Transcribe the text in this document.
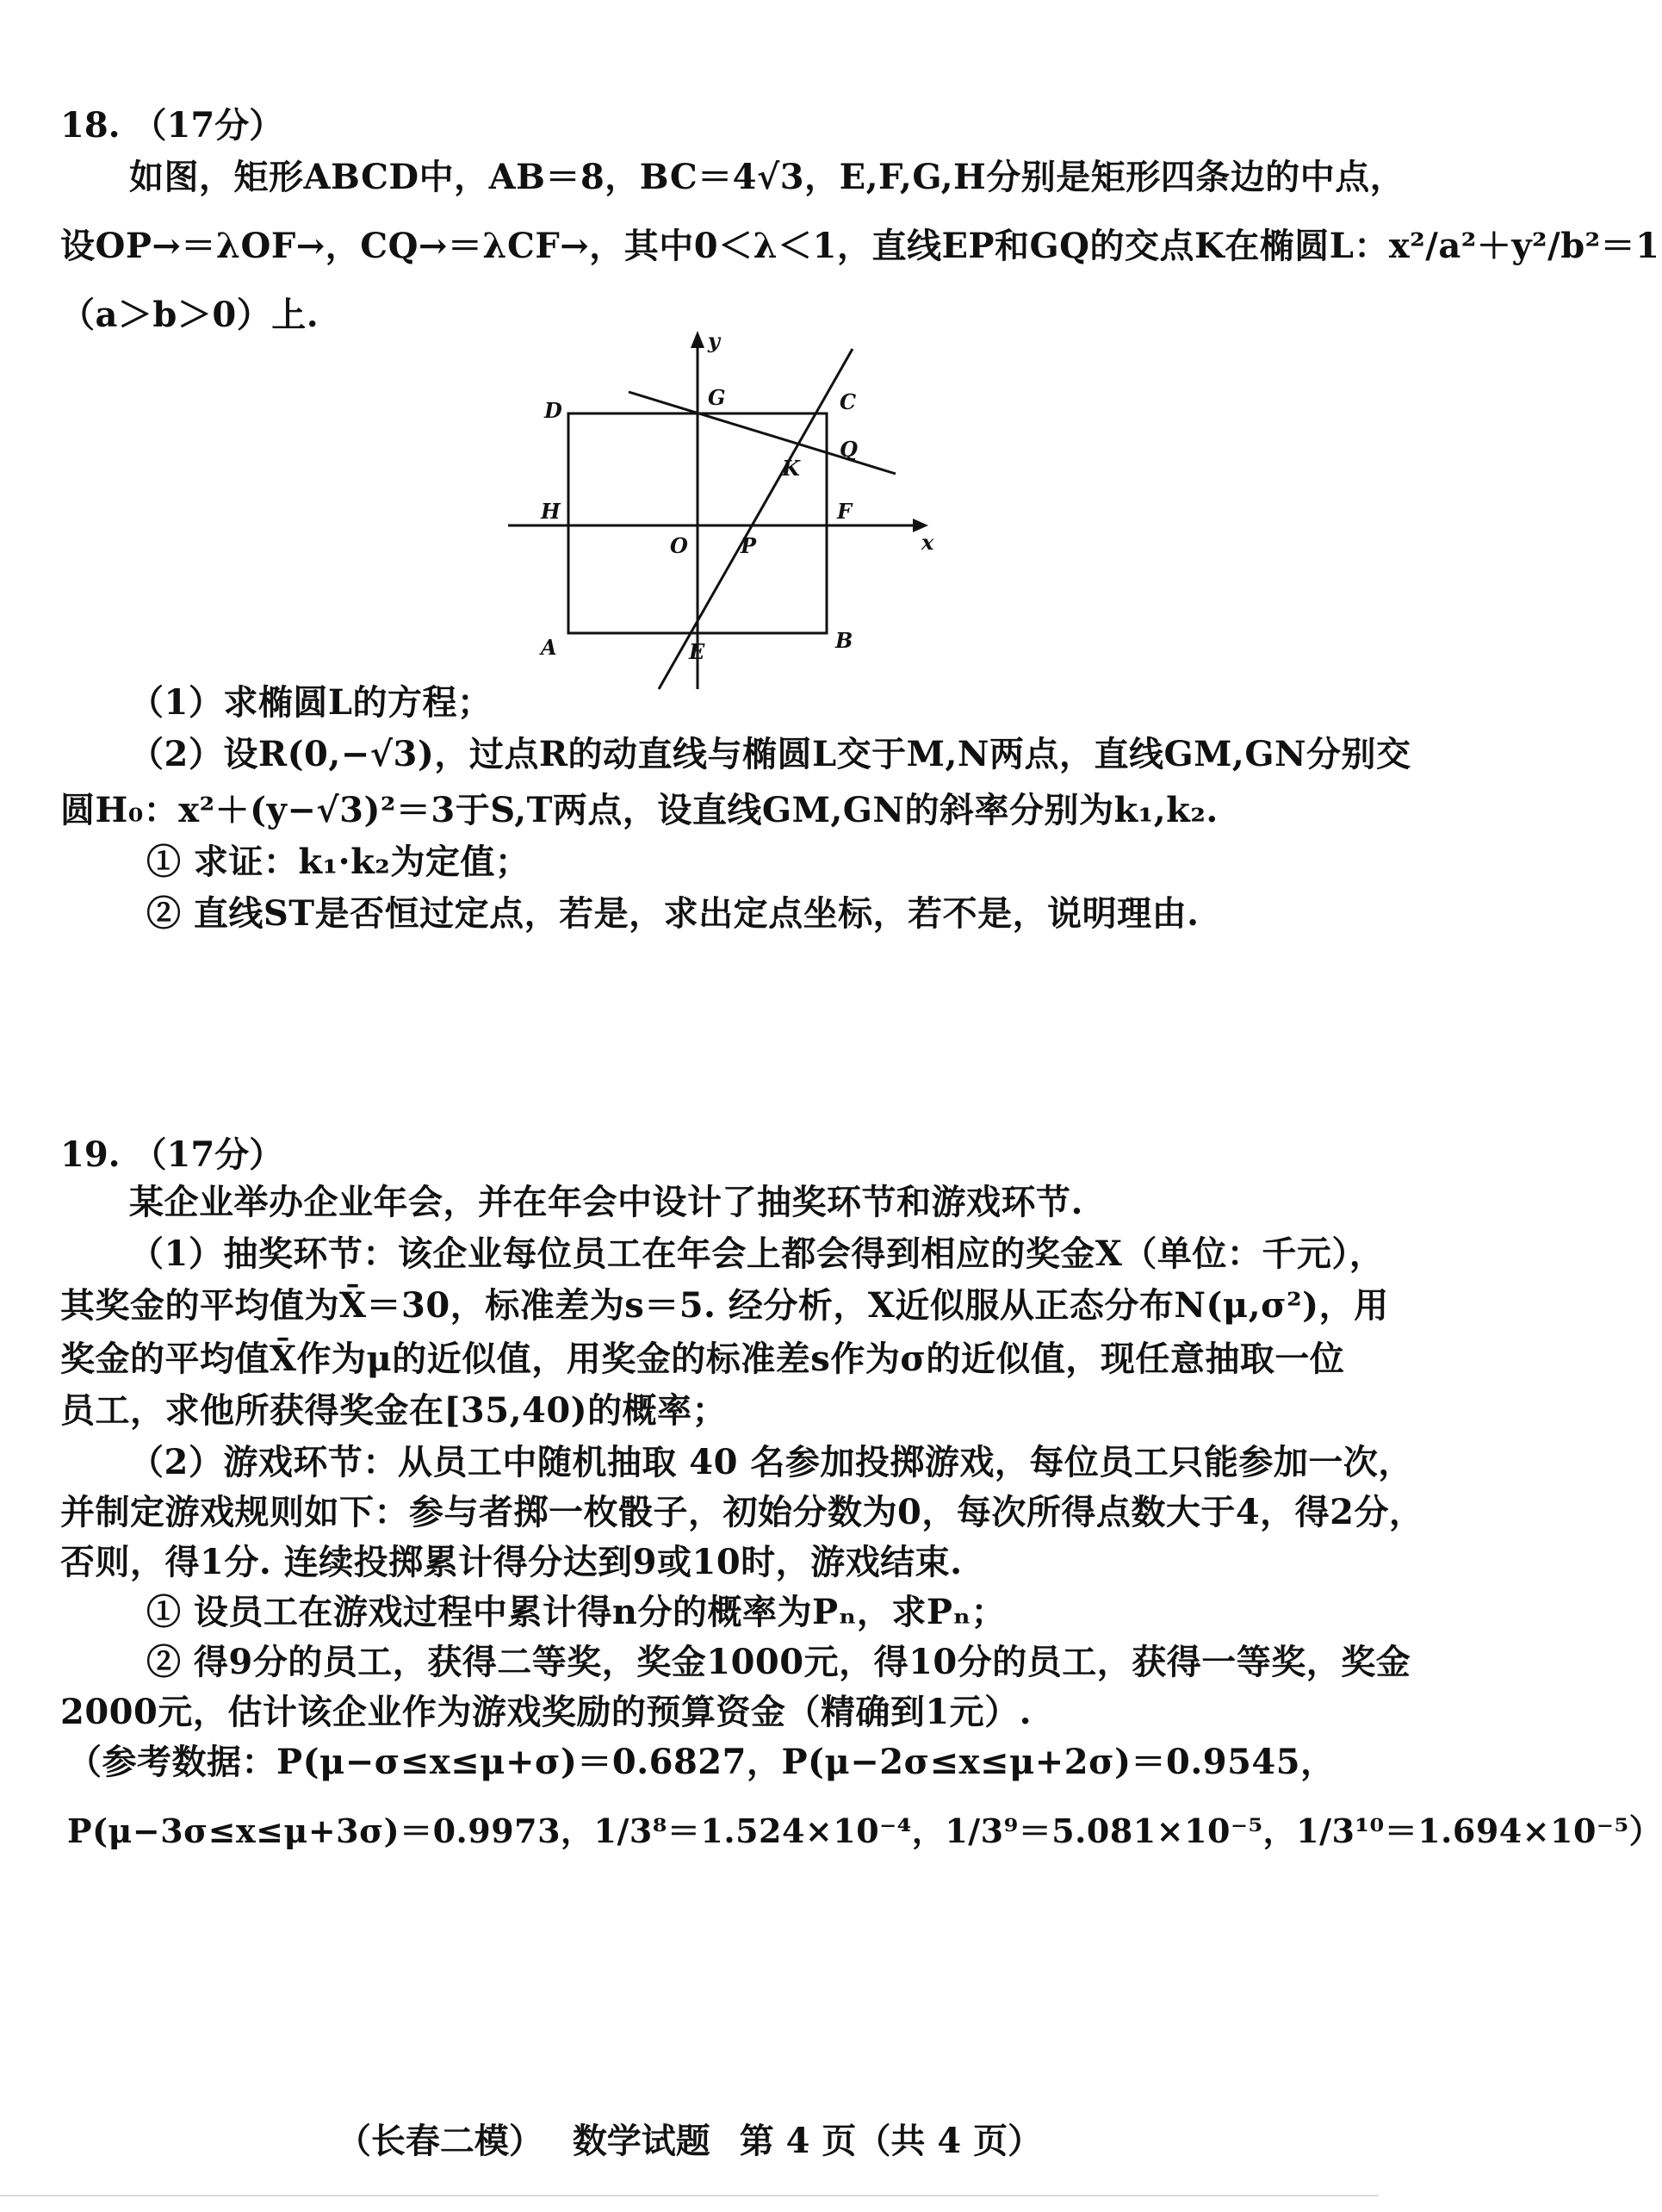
18. （17分）
如图，矩形ABCD中，AB＝8，BC＝4√3，E,F,G,H分别是矩形四条边的中点，
设OP→＝λOF→，CQ→＝λCF→，其中0＜λ＜1，直线EP和GQ的交点K在椭圆L：x²/a²＋y²/b²＝1
（a＞b＞0）上.
y
x
D
G	C
Q
K
H	F
O	P
A	E	B
（1）求椭圆L的方程；
（2）设R(0,−√3)，过点R的动直线与椭圆L交于M,N两点，直线GM,GN分别交
圆H₀：x²＋(y−√3)²＝3于S,T两点，设直线GM,GN的斜率分别为k₁,k₂.
① 求证：k₁·k₂为定值；
② 直线ST是否恒过定点，若是，求出定点坐标，若不是，说明理由.
19. （17分）
某企业举办企业年会，并在年会中设计了抽奖环节和游戏环节.
（1）抽奖环节：该企业每位员工在年会上都会得到相应的奖金X（单位：千元），
其奖金的平均值为X̄＝30，标准差为s＝5. 经分析，X近似服从正态分布N(μ,σ²)，用
奖金的平均值X̄作为μ的近似值，用奖金的标准差s作为σ的近似值，现任意抽取一位
员工，求他所获得奖金在[35,40)的概率；
（2）游戏环节：从员工中随机抽取 40 名参加投掷游戏，每位员工只能参加一次，
并制定游戏规则如下：参与者掷一枚骰子，初始分数为0，每次所得点数大于4，得2分，
否则，得1分. 连续投掷累计得分达到9或10时，游戏结束.
① 设员工在游戏过程中累计得n分的概率为Pₙ，求Pₙ；
② 得9分的员工，获得二等奖，奖金1000元，得10分的员工，获得一等奖，奖金
2000元，估计该企业作为游戏奖励的预算资金（精确到1元）.
（参考数据：P(μ−σ≤x≤μ+σ)＝0.6827，P(μ−2σ≤x≤μ+2σ)＝0.9545，
P(μ−3σ≤x≤μ+3σ)＝0.9973，1/3⁸＝1.524×10⁻⁴，1/3⁹＝5.081×10⁻⁵，1/3¹⁰＝1.694×10⁻⁵）
（长春二模） 数学试题 第 4 页（共 4 页）
